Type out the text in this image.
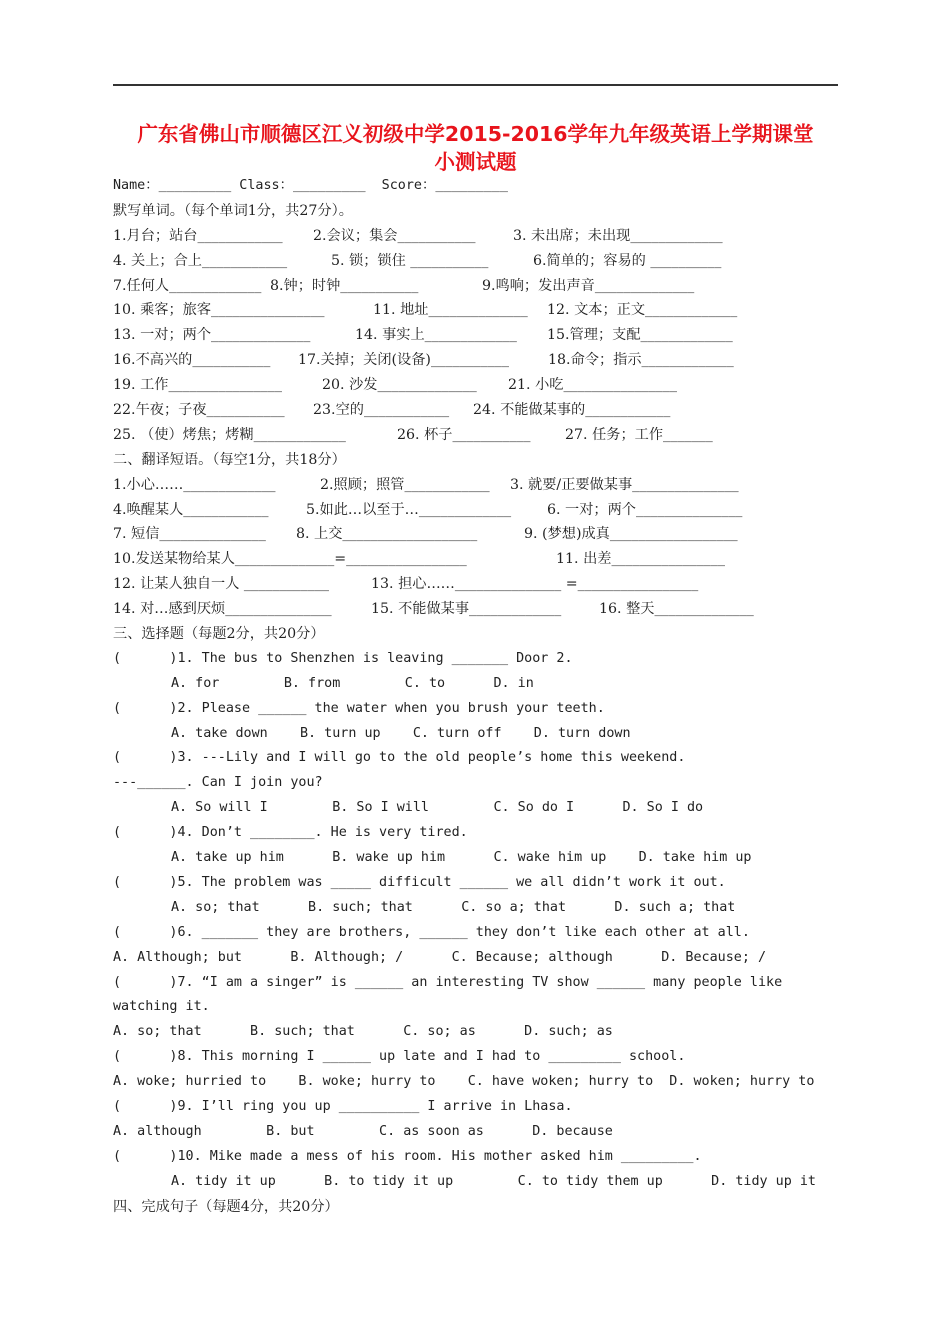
广东省佛山市顺德区江义初级中学2015-2016学年九年级英语上学期课堂
小测试题
Name：_________ Class：_________  Score：_________
默写单词。（每个单词1分，共27分）。
1.月台；站台____________	2.会议；集会___________	3. 未出席；未出现_____________
4. 关上；合上____________	5. 锁；锁住 ___________	6.简单的；容易的 __________
7.任何人_____________ 8.钟；时钟___________	9.鸣响；发出声音______________
10. 乘客；旅客________________	11. 地址______________	12. 文本；正文_____________
13. 一对；两个______________	14. 事实上_____________	15.管理；支配_____________
16.不高兴的___________	17.关掉；关闭(设备)___________	18.命令；指示_____________
19. 工作________________	20. 沙发______________	21. 小吃________________
22.午夜；子夜___________	23.空的____________	24. 不能做某事的____________
25. （使）烤焦；烤糊_____________	26. 杯子___________	27. 任务；工作_______
二、翻译短语。（每空1分，共18分）
1.小心……_____________	2.照顾；照管____________	3. 就要/正要做某事_______________
4.唤醒某人____________	5.如此…以至于…_____________	6. 一对；两个_______________
7. 短信_______________	8. 上交___________________	9. (梦想)成真__________________
10.发送某物给某人______________=_________________	11. 出差________________
12. 让某人独自一人 ____________	13. 担心……_______________ =_________________
14. 对…感到厌烦_______________	15. 不能做某事_____________	16. 整天______________
三、选择题（每题2分，共20分）
(      )1. The bus to Shenzhen is leaving _______ Door 2.
A. for        B. from        C. to      D. in
(      )2. Please ______ the water when you brush your teeth.
A. take down    B. turn up    C. turn off    D. turn down
(      )3. ---Lily and I will go to the old people’s home this weekend.
---______. Can I join you?
A. So will I        B. So I will        C. So do I      D. So I do
(      )4. Don’t ________. He is very tired.
A. take up him      B. wake up him      C. wake him up    D. take him up
(      )5. The problem was _____ difficult ______ we all didn’t work it out.
A. so; that      B. such; that      C. so a; that      D. such a; that
(      )6. _______ they are brothers, ______ they don’t like each other at all.
A. Although; but      B. Although; /      C. Because; although      D. Because; /
(      )7. “I am a singer” is ______ an interesting TV show ______ many people like
watching it.
A. so; that      B. such; that      C. so; as      D. such; as
(      )8. This morning I ______ up late and I had to _________ school.
A. woke; hurried to    B. woke; hurry to    C. have woken; hurry to  D. woken; hurry to
(      )9. I’ll ring you up __________ I arrive in Lhasa.
A. although        B. but        C. as soon as      D. because
(      )10. Mike made a mess of his room. His mother asked him _________.
A. tidy it up      B. to tidy it up        C. to tidy them up      D. tidy up it
四、完成句子（每题4分，共20分）
